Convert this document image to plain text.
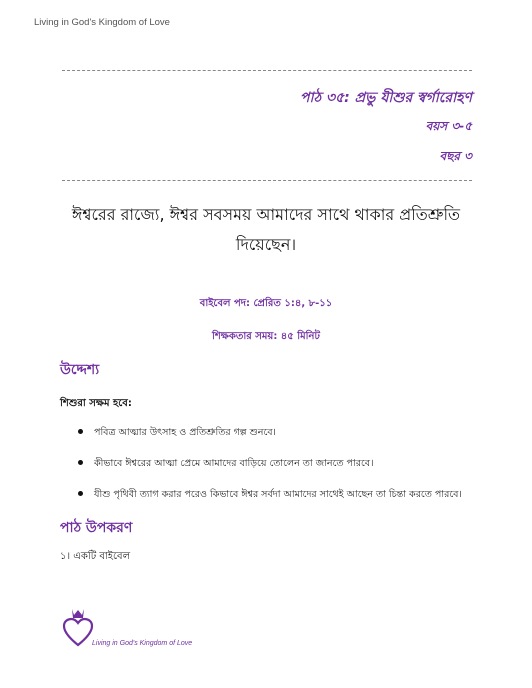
Living in God's Kingdom of Love
পাঠ ৩৫: প্রভু যীশুর স্বর্গারোহণ
বয়স ৩-৫
বছর ৩
ঈশ্বরের রাজ্যে, ঈশ্বর সবসময় আমাদের সাথে থাকার প্রতিশ্রুতি দিয়েছেন।
বাইবেল পদ: প্রেরিত ১:৪, ৮-১১
শিক্ষকতার সময়: ৪৫ মিনিট
উদ্দেশ্য
শিশুরা সক্ষম হবে:
পবিত্র আত্মার উৎসাহ ও প্রতিশ্রুতির গল্প শুনবে।
কীভাবে ঈশ্বরের আত্মা প্রেমে আমাদের বাড়িয়ে তোলেন তা জানতে পারবে।
যীশু পৃথিবী ত্যাগ করার পরেও কিভাবে ঈশ্বর সর্বদা আমাদের সাথেই আছেন তা চিন্তা করতে পারবে।
পাঠ উপকরণ
১। একটি বাইবেল
Living in God's Kingdom of Love
